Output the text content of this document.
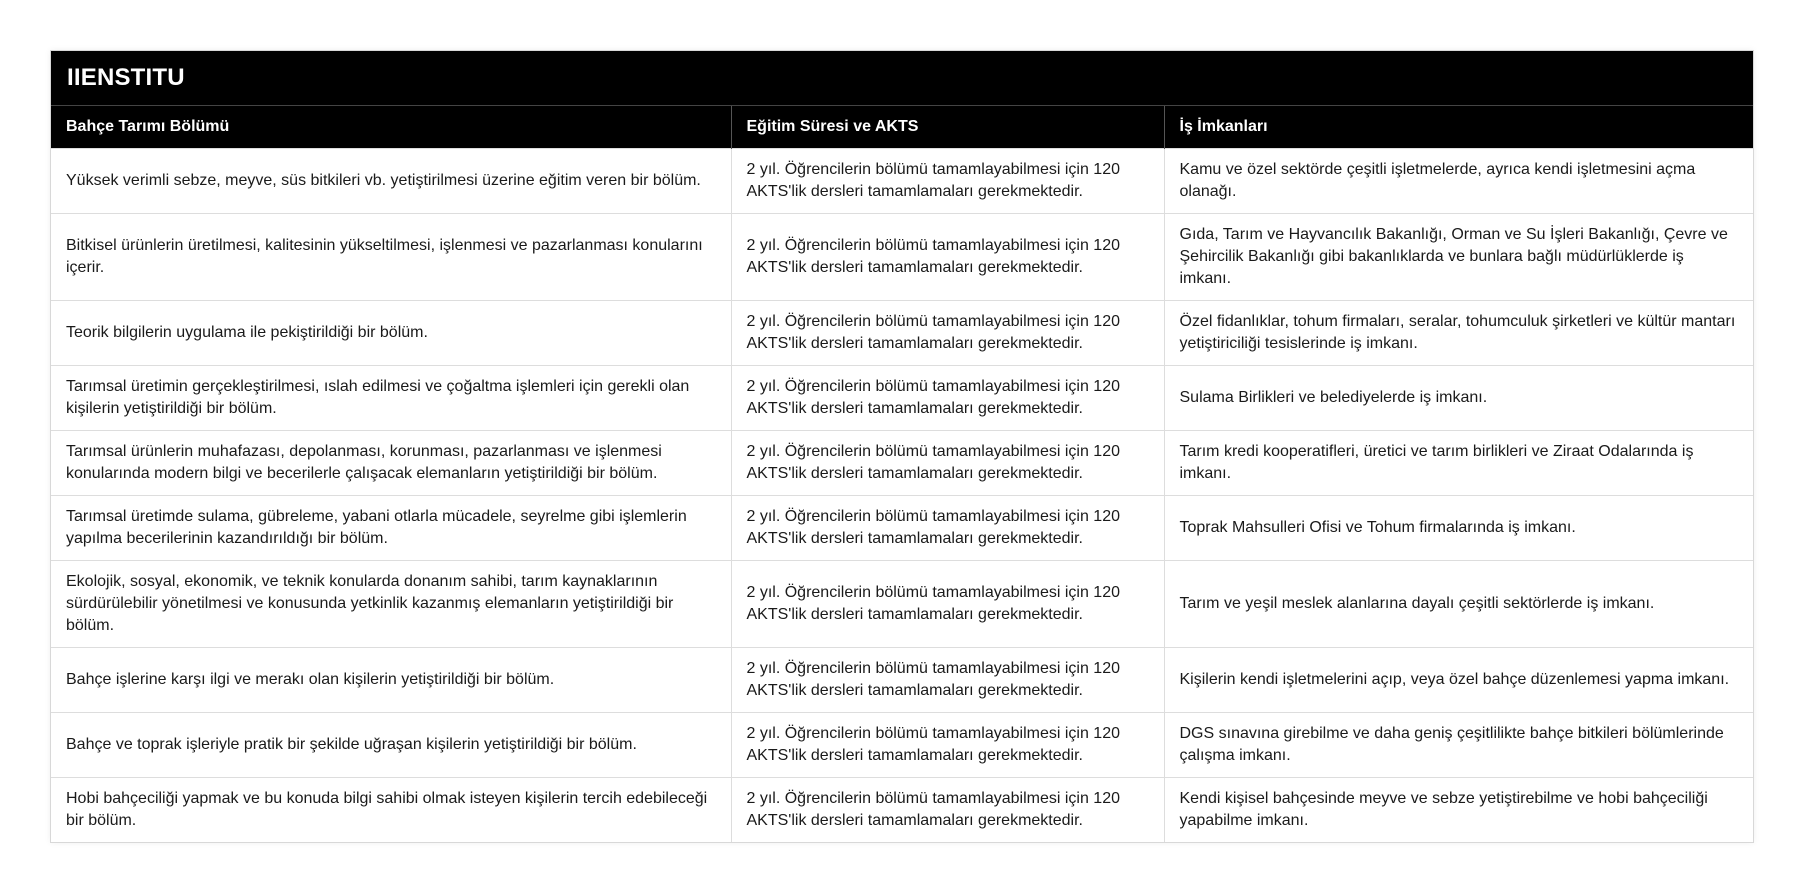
IIENSTITU
Bahçe Tarımı Bölümü	Eğitim Süresi ve AKTS	İş İmkanları
Yüksek verimli sebze, meyve, süs bitkileri vb. yetiştirilmesi üzerine eğitim veren bir bölüm.	2 yıl. Öğrencilerin bölümü tamamlayabilmesi için 120 AKTS'lik dersleri tamamlamaları gerekmektedir.	Kamu ve özel sektörde çeşitli işletmelerde, ayrıca kendi işletmesini açma olanağı.
Bitkisel ürünlerin üretilmesi, kalitesinin yükseltilmesi, işlenmesi ve pazarlanması konularını içerir.	2 yıl. Öğrencilerin bölümü tamamlayabilmesi için 120 AKTS'lik dersleri tamamlamaları gerekmektedir.	Gıda, Tarım ve Hayvancılık Bakanlığı, Orman ve Su İşleri Bakanlığı, Çevre ve Şehircilik Bakanlığı gibi bakanlıklarda ve bunlara bağlı müdürlüklerde iş imkanı.
Teorik bilgilerin uygulama ile pekiştirildiği bir bölüm.	2 yıl. Öğrencilerin bölümü tamamlayabilmesi için 120 AKTS'lik dersleri tamamlamaları gerekmektedir.	Özel fidanlıklar, tohum firmaları, seralar, tohumculuk şirketleri ve kültür mantarı yetiştiriciliği tesislerinde iş imkanı.
Tarımsal üretimin gerçekleştirilmesi, ıslah edilmesi ve çoğaltma işlemleri için gerekli olan kişilerin yetiştirildiği bir bölüm.	2 yıl. Öğrencilerin bölümü tamamlayabilmesi için 120 AKTS'lik dersleri tamamlamaları gerekmektedir.	Sulama Birlikleri ve belediyelerde iş imkanı.
Tarımsal ürünlerin muhafazası, depolanması, korunması, pazarlanması ve işlenmesi konularında modern bilgi ve becerilerle çalışacak elemanların yetiştirildiği bir bölüm.	2 yıl. Öğrencilerin bölümü tamamlayabilmesi için 120 AKTS'lik dersleri tamamlamaları gerekmektedir.	Tarım kredi kooperatifleri, üretici ve tarım birlikleri ve Ziraat Odalarında iş imkanı.
Tarımsal üretimde sulama, gübreleme, yabani otlarla mücadele, seyrelme gibi işlemlerin yapılma becerilerinin kazandırıldığı bir bölüm.	2 yıl. Öğrencilerin bölümü tamamlayabilmesi için 120 AKTS'lik dersleri tamamlamaları gerekmektedir.	Toprak Mahsulleri Ofisi ve Tohum firmalarında iş imkanı.
Ekolojik, sosyal, ekonomik, ve teknik konularda donanım sahibi, tarım kaynaklarının sürdürülebilir yönetilmesi ve konusunda yetkinlik kazanmış elemanların yetiştirildiği bir bölüm.	2 yıl. Öğrencilerin bölümü tamamlayabilmesi için 120 AKTS'lik dersleri tamamlamaları gerekmektedir.	Tarım ve yeşil meslek alanlarına dayalı çeşitli sektörlerde iş imkanı.
Bahçe işlerine karşı ilgi ve merakı olan kişilerin yetiştirildiği bir bölüm.	2 yıl. Öğrencilerin bölümü tamamlayabilmesi için 120 AKTS'lik dersleri tamamlamaları gerekmektedir.	Kişilerin kendi işletmelerini açıp, veya özel bahçe düzenlemesi yapma imkanı.
Bahçe ve toprak işleriyle pratik bir şekilde uğraşan kişilerin yetiştirildiği bir bölüm.	2 yıl. Öğrencilerin bölümü tamamlayabilmesi için 120 AKTS'lik dersleri tamamlamaları gerekmektedir.	DGS sınavına girebilme ve daha geniş çeşitlilikte bahçe bitkileri bölümlerinde çalışma imkanı.
Hobi bahçeciliği yapmak ve bu konuda bilgi sahibi olmak isteyen kişilerin tercih edebileceği bir bölüm.	2 yıl. Öğrencilerin bölümü tamamlayabilmesi için 120 AKTS'lik dersleri tamamlamaları gerekmektedir.	Kendi kişisel bahçesinde meyve ve sebze yetiştirebilme ve hobi bahçeciliği yapabilme imkanı.
